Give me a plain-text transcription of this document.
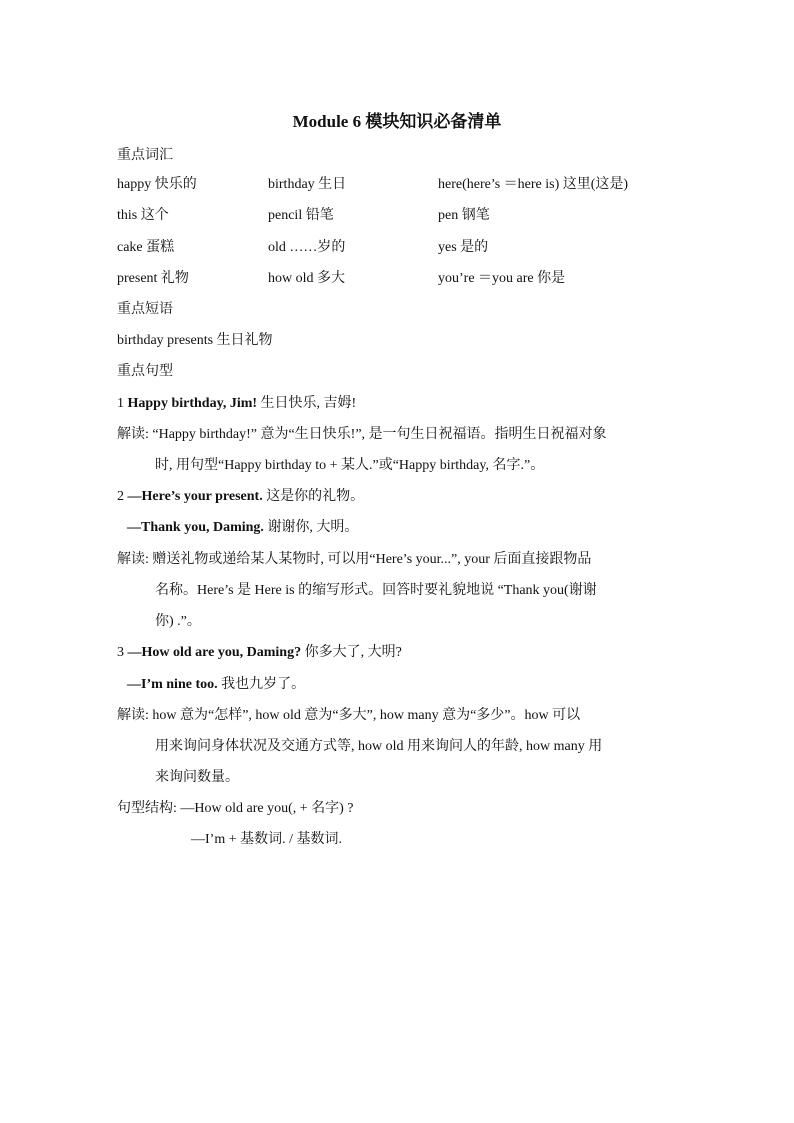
Module 6 模块知识必备清单
重点词汇
happy 快乐的	birthday 生日	here(here’s ＝here is) 这里(这是)
this 这个	pencil 铅笔	pen 钢笔
cake 蛋糕	old ……岁的	yes 是的
present 礼物	how old 多大	you’re ＝you are 你是
重点短语
birthday presents 生日礼物
重点句型
1 Happy birthday, Jim! 生日快乐, 吉姆!
解读: “Happy birthday!” 意为“生日快乐!”, 是一句生日祝福语。指明生日祝福对象
时, 用句型“Happy birthday to + 某人.”或“Happy birthday, 名字.”。
2 —Here’s your present. 这是你的礼物。
—Thank you, Daming. 谢谢你, 大明。
解读: 赠送礼物或递给某人某物时, 可以用“Here’s your...”, your 后面直接跟物品
名称。Here’s 是 Here is 的缩写形式。回答时要礼貌地说 “Thank you(谢谢
你) .”。
3 —How old are you, Daming? 你多大了, 大明?
—I’m nine too. 我也九岁了。
解读: how 意为“怎样”, how old 意为“多大”, how many 意为“多少”。how 可以
用来询问身体状况及交通方式等, how old 用来询问人的年龄, how many 用
来询问数量。
句型结构: —How old are you(, + 名字) ?
—I’m + 基数词. / 基数词.
